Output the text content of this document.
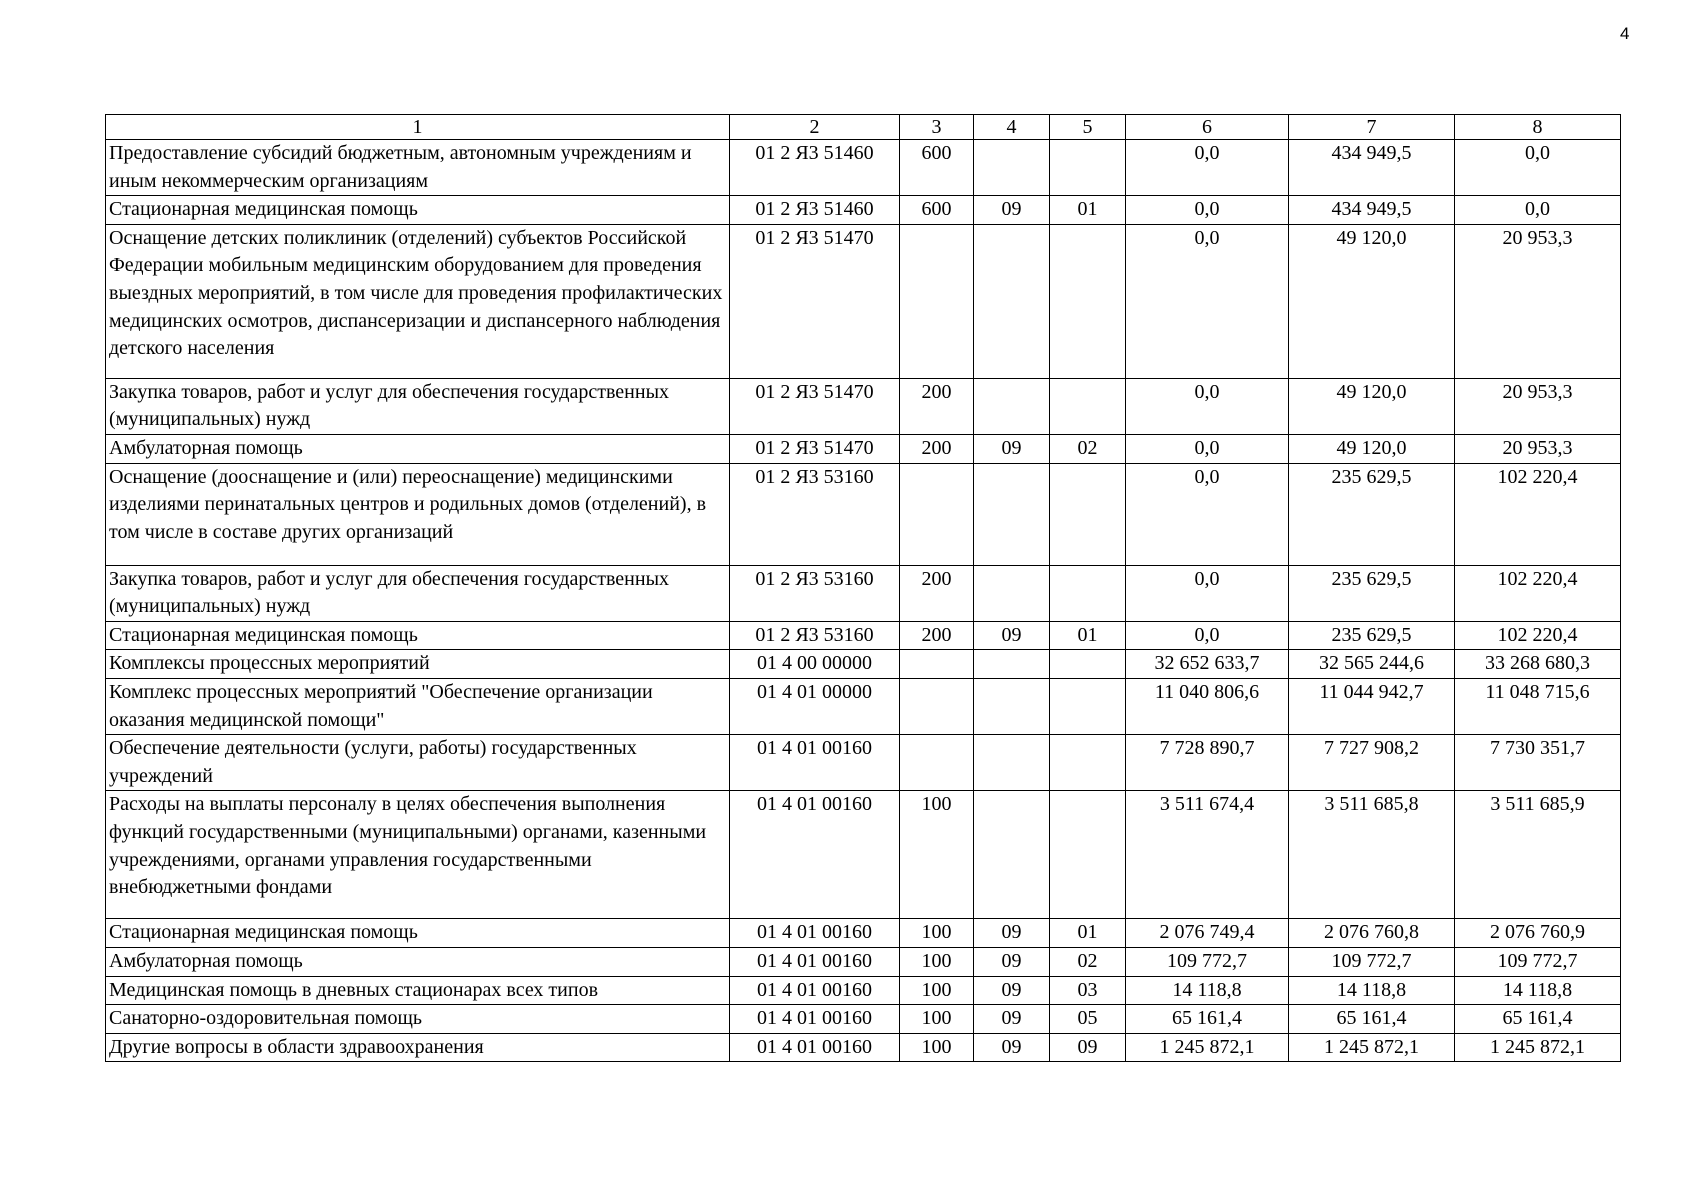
4
1	2	3	4	5	6	7	8
Предоставление субсидий бюджетным, автономным учреждениям и иным некоммерческим организациям	01 2 Я3 51460	600			0,0	434 949,5	0,0
Стационарная медицинская помощь	01 2 Я3 51460	600	09	01	0,0	434 949,5	0,0
Оснащение детских поликлиник (отделений) субъектов Российской Федерации мобильным медицинским оборудованием для проведения выездных мероприятий, в том числе для проведения профилактических медицинских осмотров, диспансеризации и диспансерного наблюдения детского населения	01 2 Я3 51470				0,0	49 120,0	20 953,3
Закупка товаров, работ и услуг для обеспечения государственных (муниципальных) нужд	01 2 Я3 51470	200			0,0	49 120,0	20 953,3
Амбулаторная помощь	01 2 Я3 51470	200	09	02	0,0	49 120,0	20 953,3
Оснащение (дооснащение и (или) переоснащение) медицинскими изделиями перинатальных центров и родильных домов (отделений), в том числе в составе других организаций	01 2 Я3 53160				0,0	235 629,5	102 220,4
Закупка товаров, работ и услуг для обеспечения государственных (муниципальных) нужд	01 2 Я3 53160	200			0,0	235 629,5	102 220,4
Стационарная медицинская помощь	01 2 Я3 53160	200	09	01	0,0	235 629,5	102 220,4
Комплексы процессных мероприятий	01 4 00 00000				32 652 633,7	32 565 244,6	33 268 680,3
Комплекс процессных мероприятий "Обеспечение организации оказания медицинской помощи"	01 4 01 00000				11 040 806,6	11 044 942,7	11 048 715,6
Обеспечение деятельности (услуги, работы) государственных учреждений	01 4 01 00160				7 728 890,7	7 727 908,2	7 730 351,7
Расходы на выплаты персоналу в целях обеспечения выполнения функций государственными (муниципальными) органами, казенными учреждениями, органами управления государственными внебюджетными фондами	01 4 01 00160	100			3 511 674,4	3 511 685,8	3 511 685,9
Стационарная медицинская помощь	01 4 01 00160	100	09	01	2 076 749,4	2 076 760,8	2 076 760,9
Амбулаторная помощь	01 4 01 00160	100	09	02	109 772,7	109 772,7	109 772,7
Медицинская помощь в дневных стационарах всех типов	01 4 01 00160	100	09	03	14 118,8	14 118,8	14 118,8
Санаторно-оздоровительная помощь	01 4 01 00160	100	09	05	65 161,4	65 161,4	65 161,4
Другие вопросы в области здравоохранения	01 4 01 00160	100	09	09	1 245 872,1	1 245 872,1	1 245 872,1
